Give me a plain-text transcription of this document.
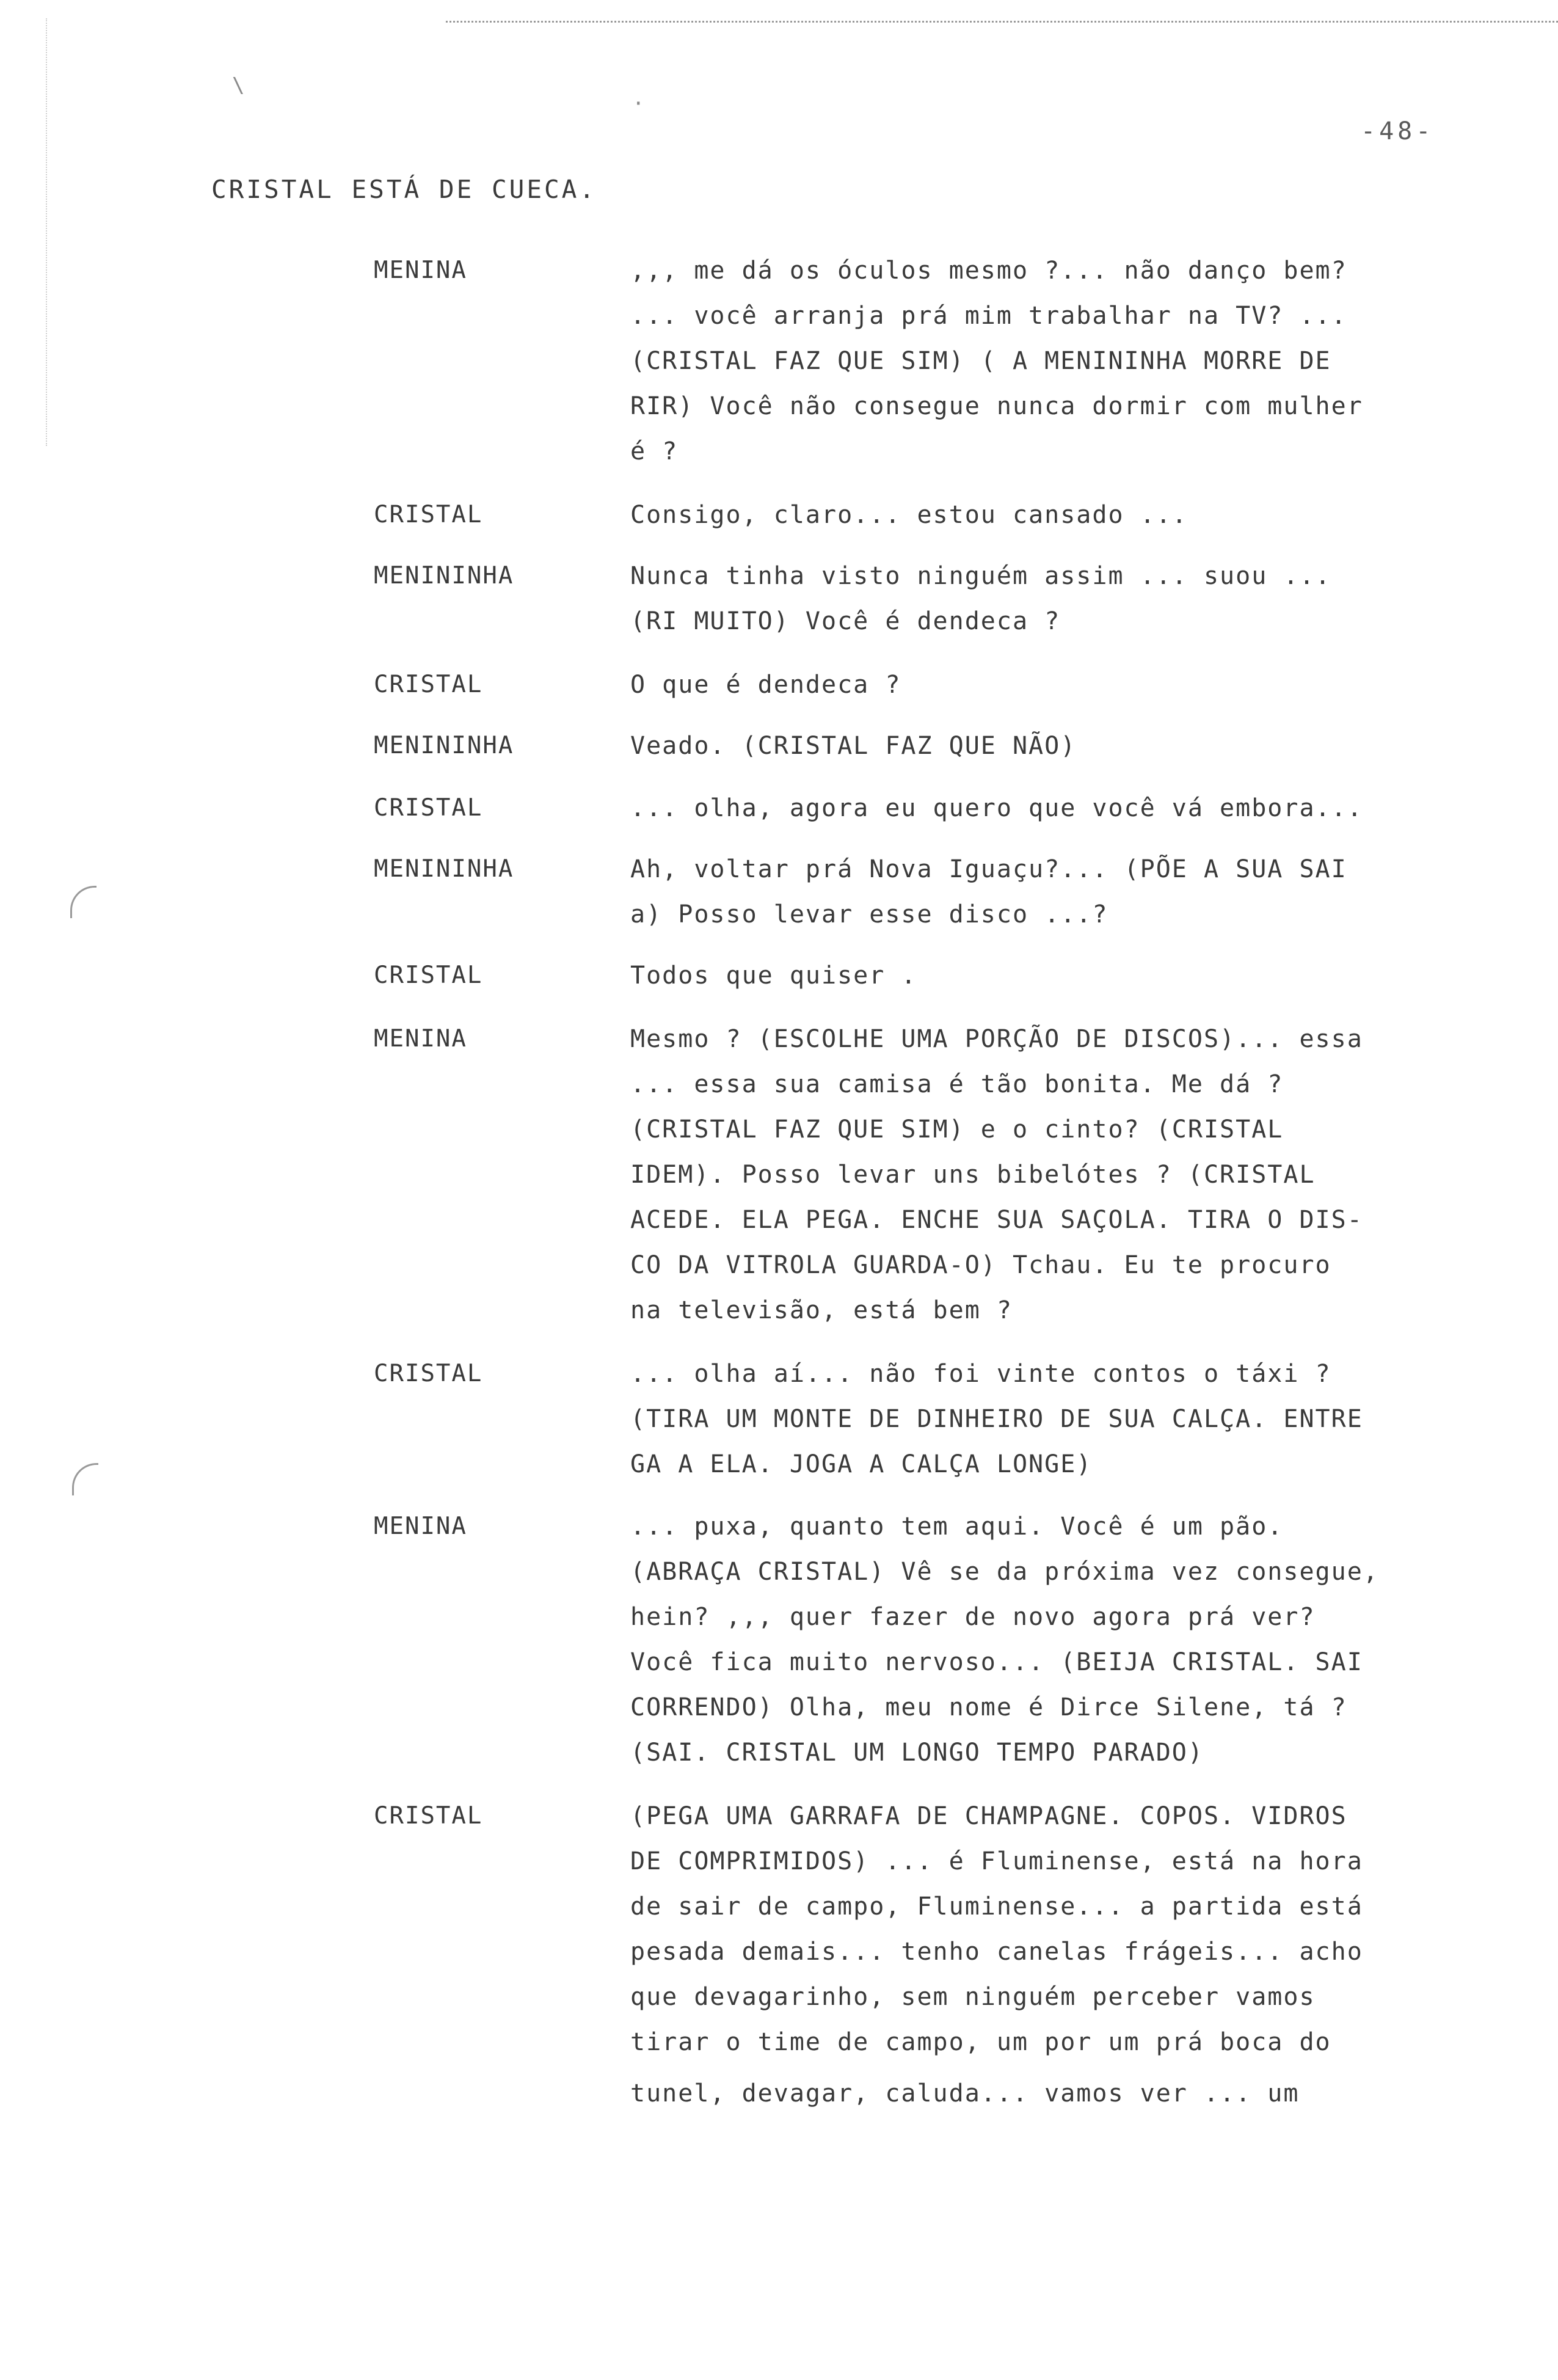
\
·
-48-
CRISTAL ESTÁ DE CUECA.
MENINA	,,, me dá os óculos mesmo ?... não danço bem?
... você arranja prá mim trabalhar na TV? ...
(CRISTAL FAZ QUE SIM) ( A MENININHA MORRE DE
RIR) Você não consegue nunca dormir com mulher
é ?
CRISTAL	Consigo, claro... estou cansado ...
MENININHA	Nunca tinha visto ninguém assim ... suou ...
(RI MUITO) Você é dendeca ?
CRISTAL	O que é dendeca ?
MENININHA	Veado. (CRISTAL FAZ QUE NÃO)
CRISTAL	... olha, agora eu quero que você vá embora...
MENININHA	Ah, voltar prá Nova Iguaçu?... (PÕE A SUA SAI
a) Posso levar esse disco ...?
CRISTAL	Todos que quiser .
MENINA	Mesmo ? (ESCOLHE UMA PORÇÃO DE DISCOS)... essa
... essa sua camisa é tão bonita. Me dá ?
(CRISTAL FAZ QUE SIM) e o cinto? (CRISTAL
IDEM). Posso levar uns bibelótes ? (CRISTAL
ACEDE. ELA PEGA. ENCHE SUA SAÇOLA. TIRA O DIS-
CO DA VITROLA GUARDA-O) Tchau. Eu te procuro
na televisão, está bem ?
CRISTAL	... olha aí... não foi vinte contos o táxi ?
(TIRA UM MONTE DE DINHEIRO DE SUA CALÇA. ENTRE
GA A ELA. JOGA A CALÇA LONGE)
MENINA	... puxa, quanto tem aqui. Você é um pão.
(ABRAÇA CRISTAL) Vê se da próxima vez consegue,
hein? ,,, quer fazer de novo agora prá ver?
Você fica muito nervoso... (BEIJA CRISTAL. SAI
CORRENDO) Olha, meu nome é Dirce Silene, tá ?
(SAI. CRISTAL UM LONGO TEMPO PARADO)
CRISTAL	(PEGA UMA GARRAFA DE CHAMPAGNE. COPOS. VIDROS
DE COMPRIMIDOS) ... é Fluminense, está na hora
de sair de campo, Fluminense... a partida está
pesada demais... tenho canelas frágeis... acho
que devagarinho, sem ninguém perceber vamos
tirar o time de campo, um por um prá boca do
tunel, devagar, caluda... vamos ver ... um
